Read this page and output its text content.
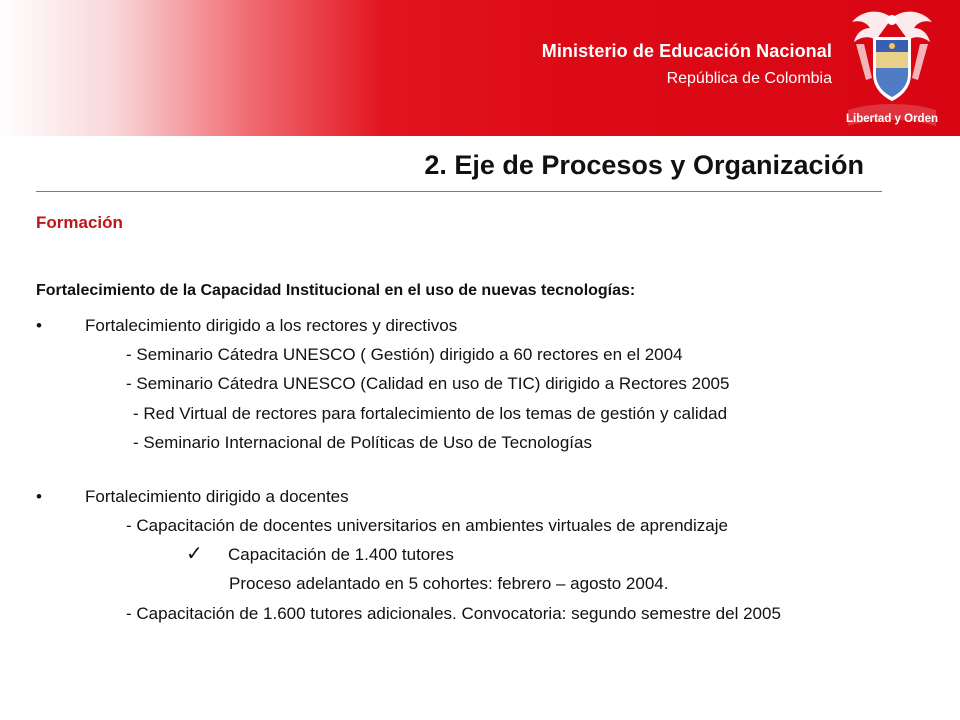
Ministerio de Educación Nacional
República de Colombia
Libertad y Orden
2. Eje de Procesos y Organización
Formación
Fortalecimiento de la Capacidad Institucional en el uso de nuevas tecnologías:
•	Fortalecimiento dirigido a los rectores y directivos
- Seminario Cátedra UNESCO ( Gestión) dirigido a 60 rectores en el 2004
- Seminario Cátedra UNESCO (Calidad en uso de TIC) dirigido a Rectores 2005
- Red Virtual de rectores para fortalecimiento de los temas de gestión y calidad
- Seminario Internacional de Políticas de Uso de Tecnologías
•	Fortalecimiento dirigido a docentes
- Capacitación de docentes universitarios en ambientes virtuales de aprendizaje
✓ Capacitación de 1.400 tutores
Proceso adelantado en 5 cohortes: febrero – agosto 2004.
- Capacitación de 1.600 tutores adicionales. Convocatoria: segundo semestre del 2005
